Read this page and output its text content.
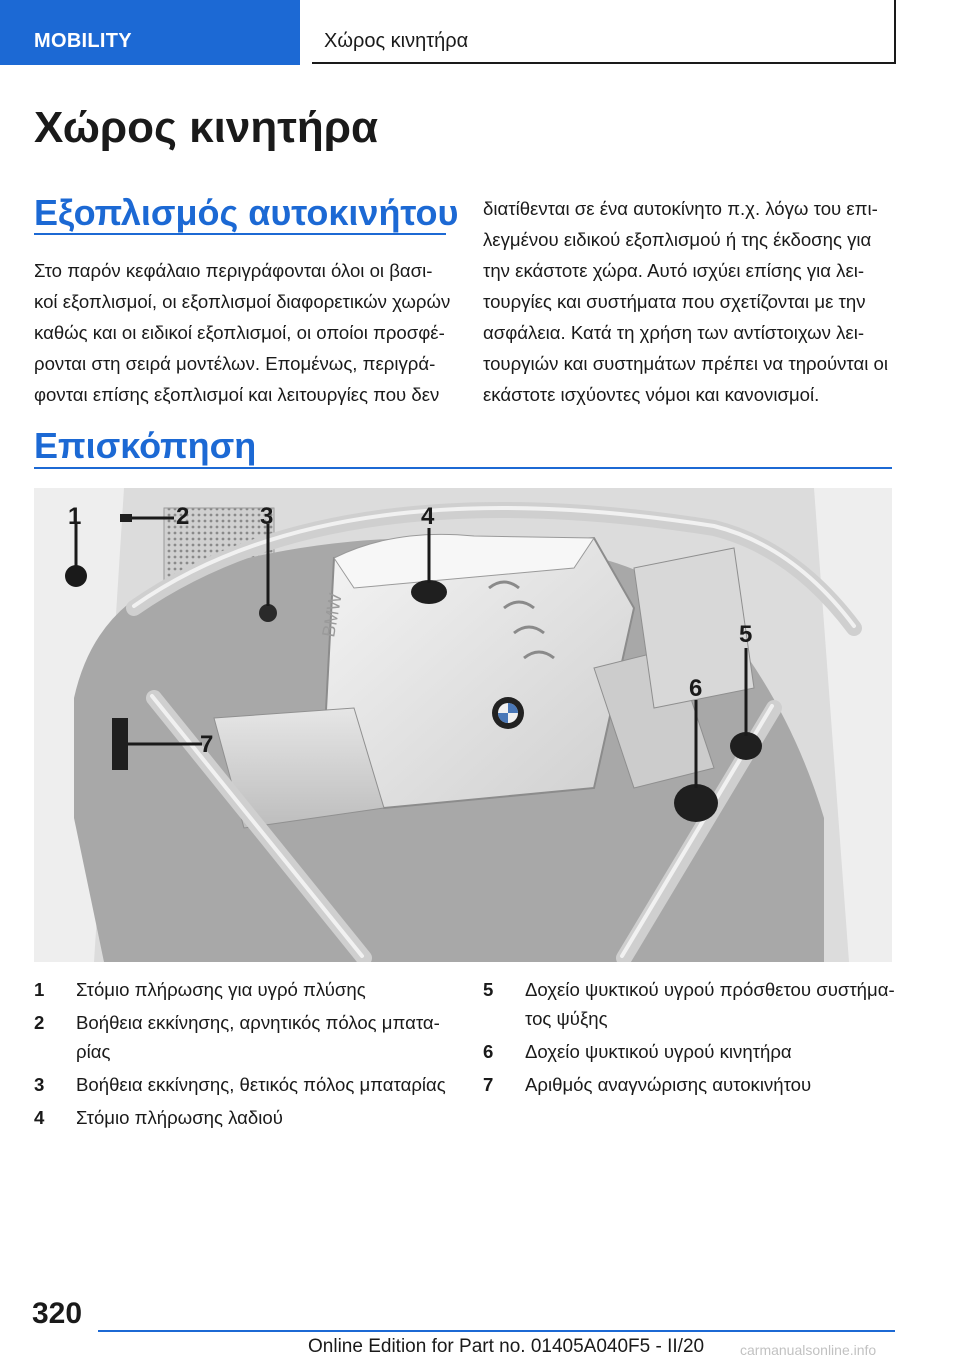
MOBILITY	Χώρος κινητήρα
Χώρος κινητήρα
Εξοπλισμός αυτοκινήτου
Στο παρόν κεφάλαιο περιγράφονται όλοι οι βασι-
κοί εξοπλισμοί, οι εξοπλισμοί διαφορετικών χωρών
καθώς και οι ειδικοί εξοπλισμοί, οι οποίοι προσφέ-
ρονται στη σειρά μοντέλων. Επομένως, περιγρά-
φονται επίσης εξοπλισμοί και λειτουργίες που δεν
διατίθενται σε ένα αυτοκίνητο π.χ. λόγω του επι-
λεγμένου ειδικού εξοπλισμού ή της έκδοσης για
την εκάστοτε χώρα. Αυτό ισχύει επίσης για λει-
τουργίες και συστήματα που σχετίζονται με την
ασφάλεια. Κατά τη χρήση των αντίστοιχων λει-
τουργιών και συστημάτων πρέπει να τηρούνται οι
εκάστοτε ισχύοντες νόμοι και κανονισμοί.
Επισκόπηση
BMW
1	2	3	4
5
6
7
1 Στόμιο πλήρωσης για υγρό πλύσης
2 Βοήθεια εκκίνησης, αρνητικός πόλος μπατα-
ρίας
3 Βοήθεια εκκίνησης, θετικός πόλος μπαταρίας
4 Στόμιο πλήρωσης λαδιού
5 Δοχείο ψυκτικού υγρού πρόσθετου συστήμα-
τος ψύξης
6 Δοχείο ψυκτικού υγρού κινητήρα
7 Αριθμός αναγνώρισης αυτοκινήτου
320
Online Edition for Part no. 01405A040F5 - II/20	carmanualsonline.info
